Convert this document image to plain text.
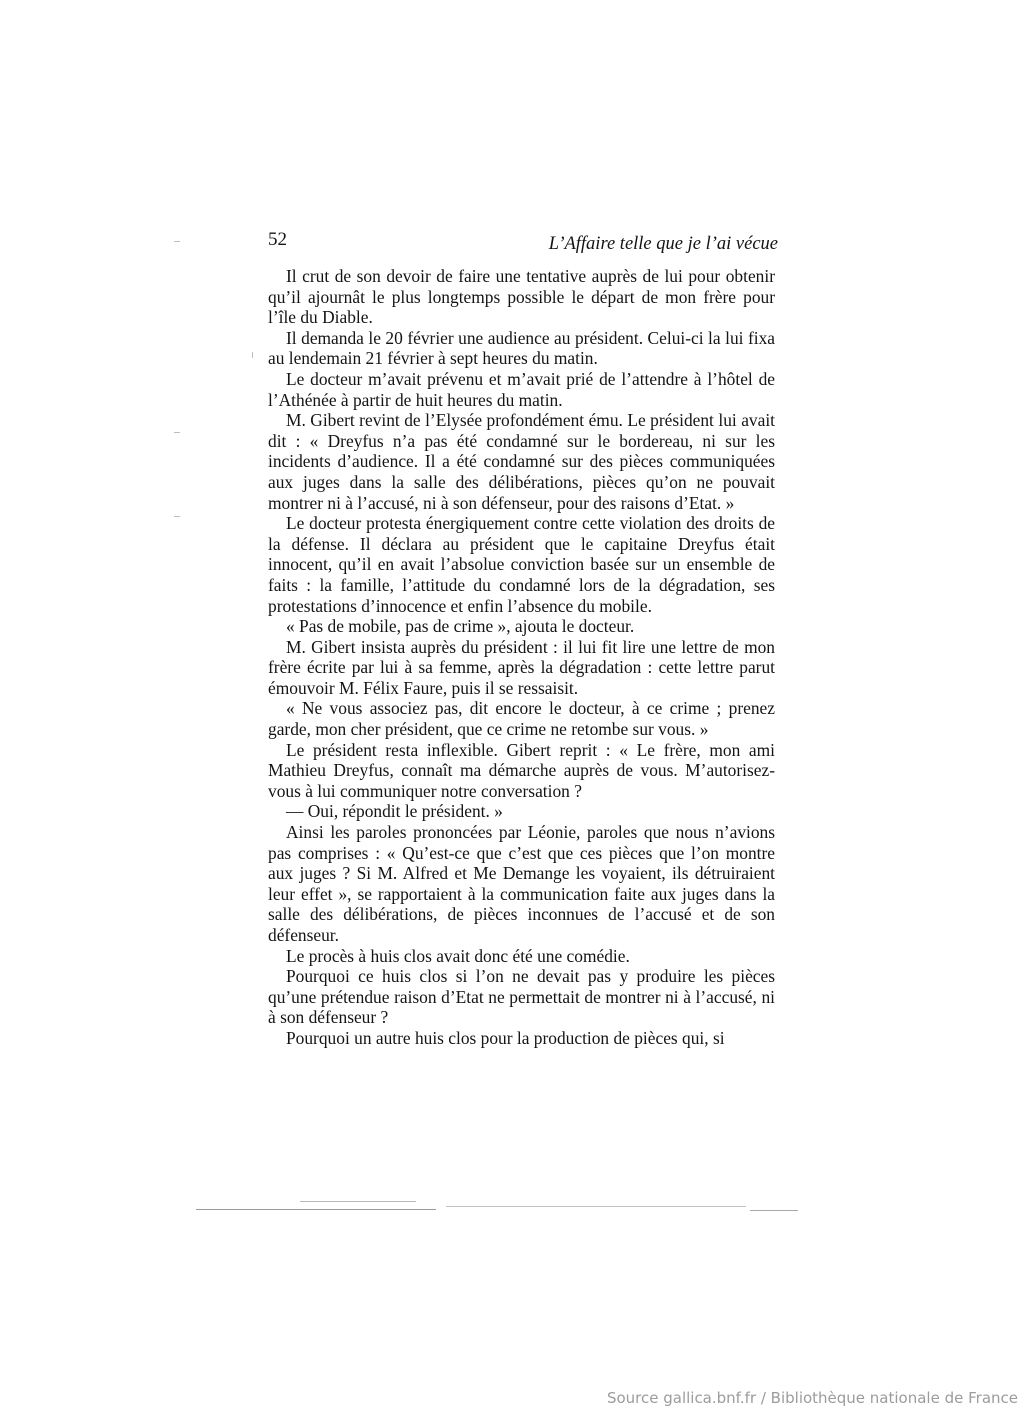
52	L’Affaire telle que je l’ai vécue

Il crut de son devoir de faire une tentative auprès de lui pour obtenir qu’il ajournât le plus longtemps possible le départ de mon frère pour l’île du Diable.

Il demanda le 20 février une audience au président. Celui-ci la lui fixa au lendemain 21 février à sept heures du matin.

Le docteur m’avait prévenu et m’avait prié de l’attendre à l’hôtel de l’Athénée à partir de huit heures du matin.

M. Gibert revint de l’Elysée profondément ému. Le président lui avait dit : « Dreyfus n’a pas été condamné sur le bordereau, ni sur les incidents d’audience. Il a été condamné sur des pièces communiquées aux juges dans la salle des délibérations, pièces qu’on ne pouvait montrer ni à l’accusé, ni à son défenseur, pour des raisons d’Etat. »

Le docteur protesta énergiquement contre cette violation des droits de la défense. Il déclara au président que le capitaine Dreyfus était innocent, qu’il en avait l’absolue conviction basée sur un ensemble de faits : la famille, l’attitude du condamné lors de la dégradation, ses protestations d’innocence et enfin l’absence du mobile.

« Pas de mobile, pas de crime », ajouta le docteur.

M. Gibert insista auprès du président : il lui fit lire une lettre de mon frère écrite par lui à sa femme, après la dégradation : cette lettre parut émouvoir M. Félix Faure, puis il se ressaisit.

« Ne vous associez pas, dit encore le docteur, à ce crime ; prenez garde, mon cher président, que ce crime ne retombe sur vous. »

Le président resta inflexible. Gibert reprit : « Le frère, mon ami Mathieu Dreyfus, connaît ma démarche auprès de vous. M’autorisez-vous à lui communiquer notre conversation ?

— Oui, répondit le président. »

Ainsi les paroles prononcées par Léonie, paroles que nous n’avions pas comprises : « Qu’est-ce que c’est que ces pièces que l’on montre aux juges ? Si M. Alfred et Me Demange les voyaient, ils détruiraient leur effet », se rapportaient à la communication faite aux juges dans la salle des délibérations, de pièces inconnues de l’accusé et de son défenseur.

Le procès à huis clos avait donc été une comédie.

Pourquoi ce huis clos si l’on ne devait pas y produire les pièces qu’une prétendue raison d’Etat ne permettait de montrer ni à l’accusé, ni à son défenseur ?

Pourquoi un autre huis clos pour la production de pièces qui, si

Source gallica.bnf.fr / Bibliothèque nationale de France
